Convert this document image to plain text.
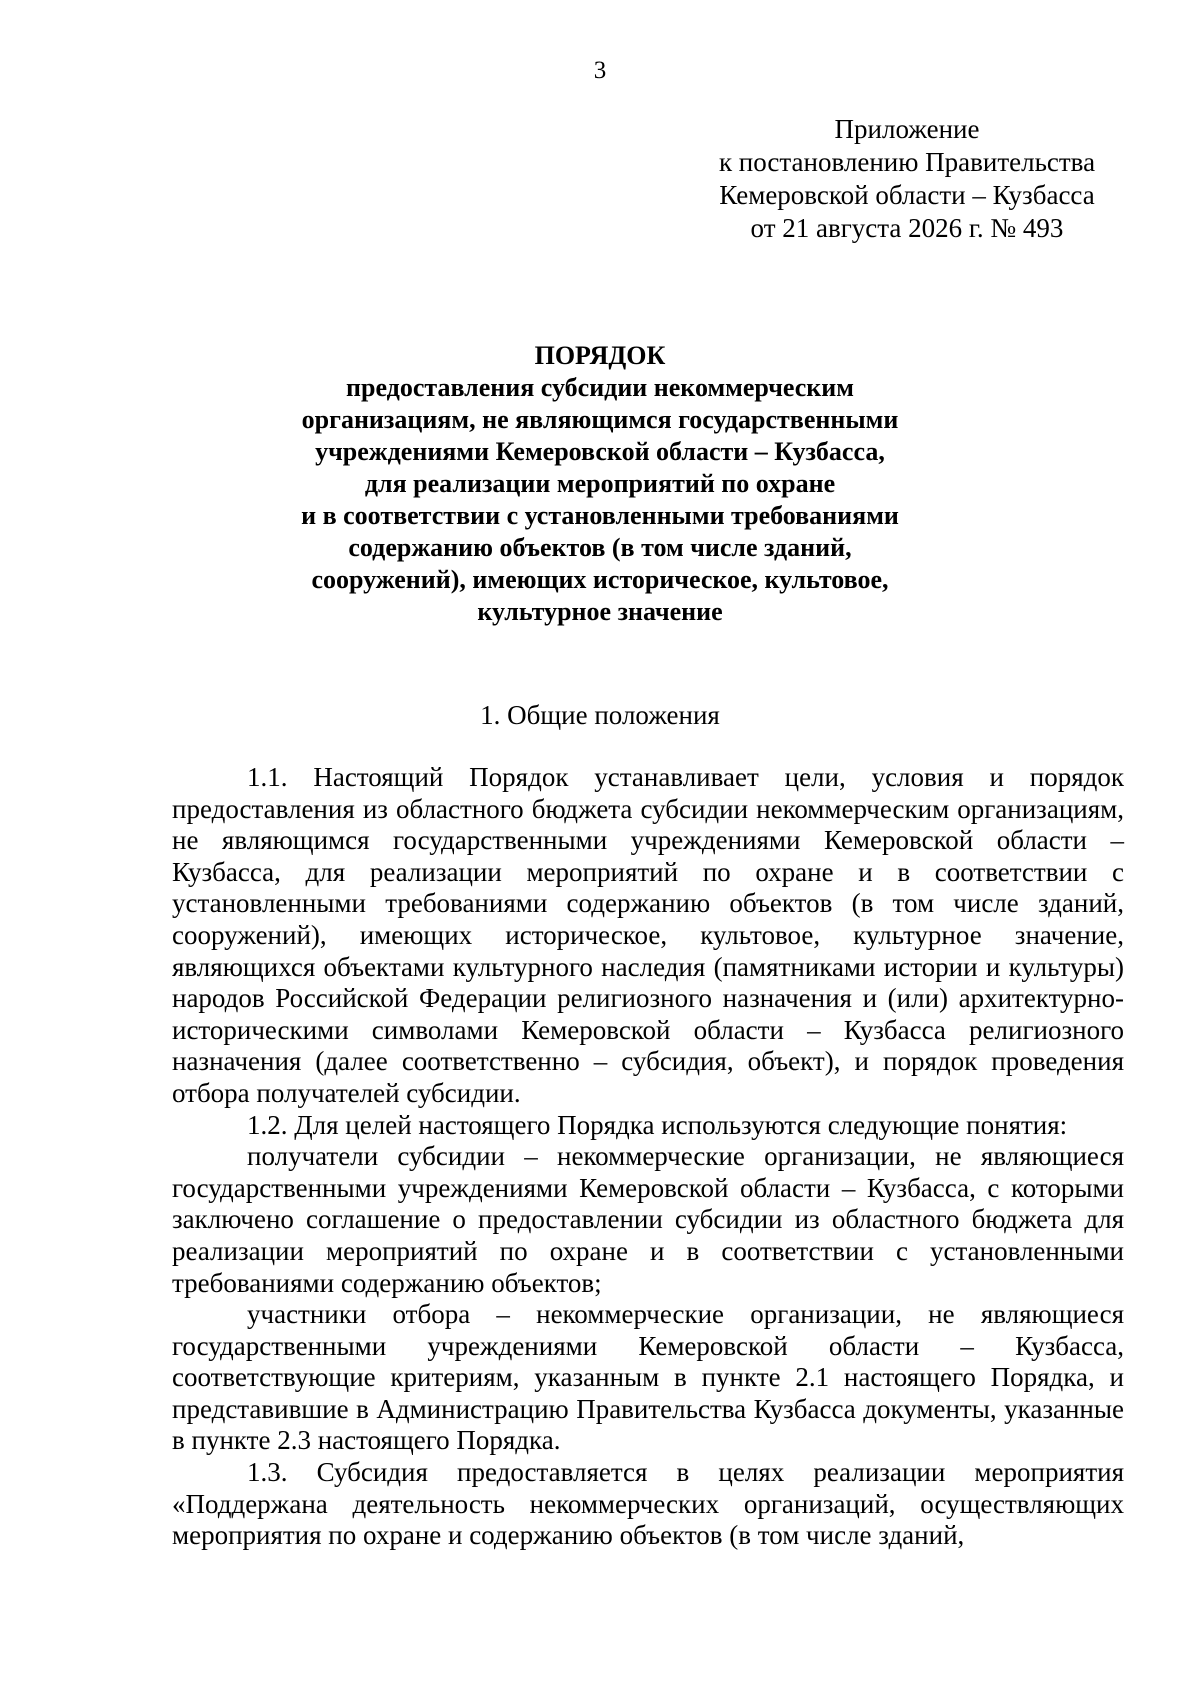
3
Приложение
к постановлению Правительства
Кемеровской области – Кузбасса
от 21 августа 2026 г. № 493
ПОРЯДОК
предоставления субсидии некоммерческим
организациям, не являющимся государственными
учреждениями Кемеровской области – Кузбасса,
для реализации мероприятий по охране
и в соответствии с установленными требованиями
содержанию объектов (в том числе зданий,
сооружений), имеющих историческое, культовое,
культурное значение
1. Общие положения

1.1. Настоящий Порядок устанавливает цели, условия и порядок предоставления из областного бюджета субсидии некоммерческим организациям, не являющимся государственными учреждениями Кемеровской области – Кузбасса, для реализации мероприятий по охране и в соответствии с установленными требованиями содержанию объектов (в том числе зданий, сооружений), имеющих историческое, культовое, культурное значение, являющихся объектами культурного наследия (памятниками истории и культуры) народов Российской Федерации религиозного назначения и (или) архитектурно-историческими символами Кемеровской области – Кузбасса религиозного назначения (далее соответственно – субсидия, объект), и порядок проведения отбора получателей субсидии.

1.2. Для целей настоящего Порядка используются следующие понятия:

получатели субсидии – некоммерческие организации, не являющиеся государственными учреждениями Кемеровской области – Кузбасса, с которыми заключено соглашение о предоставлении субсидии из областного бюджета для реализации мероприятий по охране и в соответствии с установленными требованиями содержанию объектов;

участники отбора – некоммерческие организации, не являющиеся государственными учреждениями Кемеровской области – Кузбасса, соответствующие критериям, указанным в пункте 2.1 настоящего Порядка, и представившие в Администрацию Правительства Кузбасса документы, указанные в пункте 2.3 настоящего Порядка.

1.3. Субсидия предоставляется в целях реализации мероприятия «Поддержана деятельность некоммерческих организаций, осуществляющих мероприятия по охране и содержанию объектов (в том числе зданий,
